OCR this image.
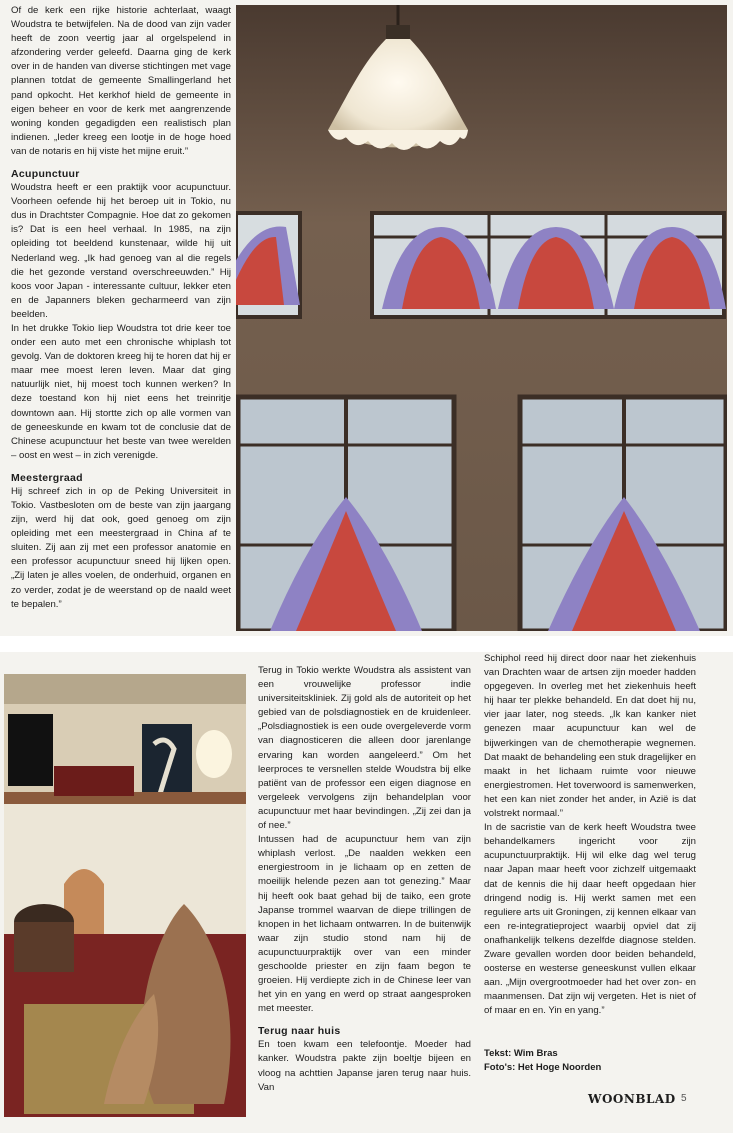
Of de kerk een rijke historie achterlaat, waagt Woudstra te betwijfelen. Na de dood van zijn vader heeft de zoon veertig jaar al orgelspelend in afzondering verder geleefd. Daarna ging de kerk over in de handen van diverse stichtingen met vage plannen totdat de gemeente Smallingerland het pand opkocht. Het kerkhof hield de gemeente in eigen beheer en voor de kerk met aangrenzende woning konden gegadigden een realistisch plan indienen. „Ieder kreeg een lootje in de hoge hoed van de notaris en hij viste het mijne eruit.”

Acupunctuur

Woudstra heeft er een praktijk voor acupunctuur. Voorheen oefende hij het beroep uit in Tokio, nu dus in Drachtster Compagnie. Hoe dat zo gekomen is? Dat is een heel verhaal. In 1985, na zijn opleiding tot beeldend kunstenaar, wilde hij uit Nederland weg. „Ik had genoeg van al die regels die het gezonde verstand overschreeuwden.” Hij koos voor Japan - interessante cultuur, lekker eten en de Japanners bleken gecharmeerd van zijn beelden.

In het drukke Tokio liep Woudstra tot drie keer toe onder een auto met een chronische whiplash tot gevolg. Van de doktoren kreeg hij te horen dat hij er maar mee moest leren leven. Maar dat ging natuurlijk niet, hij moest toch kunnen werken? In deze toestand kon hij niet eens het treinritje downtown aan. Hij stortte zich op alle vormen van de geneeskunde en kwam tot de conclusie dat de Chinese acupunctuur het beste van twee werelden – oost en west – in zich verenigde.

Meestergraad

Hij schreef zich in op de Peking Universiteit in Tokio. Vastbesloten om de beste van zijn jaargang zijn, werd hij dat ook, goed genoeg om zijn opleiding met een meestergraad in China af te sluiten. Zij aan zij met een professor anatomie en een professor acupunctuur sneed hij lijken open. „Zij laten je alles voelen, de onderhuid, organen en zo verder, zodat je de weerstand op de naald weet te bepalen.”

Terug in Tokio werkte Woudstra als assistent van een vrouwelijke professor indie universiteitskliniek. Zij gold als de autoriteit op het gebied van de polsdiagnostiek en de kruidenleer. „Polsdiagnostiek is een oude overgeleverde vorm van diagnosticeren die alleen door jarenlange ervaring kan worden aangeleerd.” Om het leerproces te versnellen stelde Woudstra bij elke patiënt van de professor een eigen diagnose en vergeleek vervolgens zijn behandelplan voor acupunctuur met haar bevindingen. „Zij zei dan ja of nee.”

Intussen had de acupunctuur hem van zijn whiplash verlost. „De naalden wekken een energiestroom in je lichaam op en zetten de moeilijk helende pezen aan tot genezing.” Maar hij heeft ook baat gehad bij de taiko, een grote Japanse trommel waarvan de diepe trillingen de knopen in het lichaam ontwarren. In de buitenwijk waar zijn studio stond nam hij de acupunctuurpraktijk over van een minder geschoolde priester en zijn faam begon te groeien. Hij verdiepte zich in de Chinese leer van het yin en yang en werd op straat aangesproken met meester.

Terug naar huis

En toen kwam een telefoontje. Moeder had kanker. Woudstra pakte zijn boeltje bijeen en vloog na achttien Japanse jaren terug naar huis. Van

Schiphol reed hij direct door naar het ziekenhuis van Drachten waar de artsen zijn moeder hadden opgegeven. In overleg met het ziekenhuis heeft hij haar ter plekke behandeld. En dat doet hij nu, vier jaar later, nog steeds. „Ik kan kanker niet genezen maar acupunctuur kan wel de bijwerkingen van de chemotherapie wegnemen. Dat maakt de behandeling een stuk dragelijker en maakt in het lichaam ruimte voor nieuwe energiestromen. Het toverwoord is samenwerken, het een kan niet zonder het ander, in Azië is dat volstrekt normaal.”

In de sacristie van de kerk heeft Woudstra twee behandelkamers ingericht voor zijn acupunctuurpraktijk. Hij wil elke dag wel terug naar Japan maar heeft voor zichzelf uitgemaakt dat de kennis die hij daar heeft opgedaan hier dringend nodig is. Hij werkt samen met een reguliere arts uit Groningen, zij kennen elkaar van een re-integratieproject waarbij opviel dat zij onafhankelijk telkens dezelfde diagnose stelden. Zware gevallen worden door beiden behandeld, oosterse en westerse geneeskunst vullen elkaar aan. „Mijn overgrootmoeder had het over zon- en maanmensen. Dat zijn wij vergeten. Het is niet of of maar en en. Yin en yang.”

Tekst: Wim Bras
Foto's: Het Hoge Noorden
WOONBLAD 5
